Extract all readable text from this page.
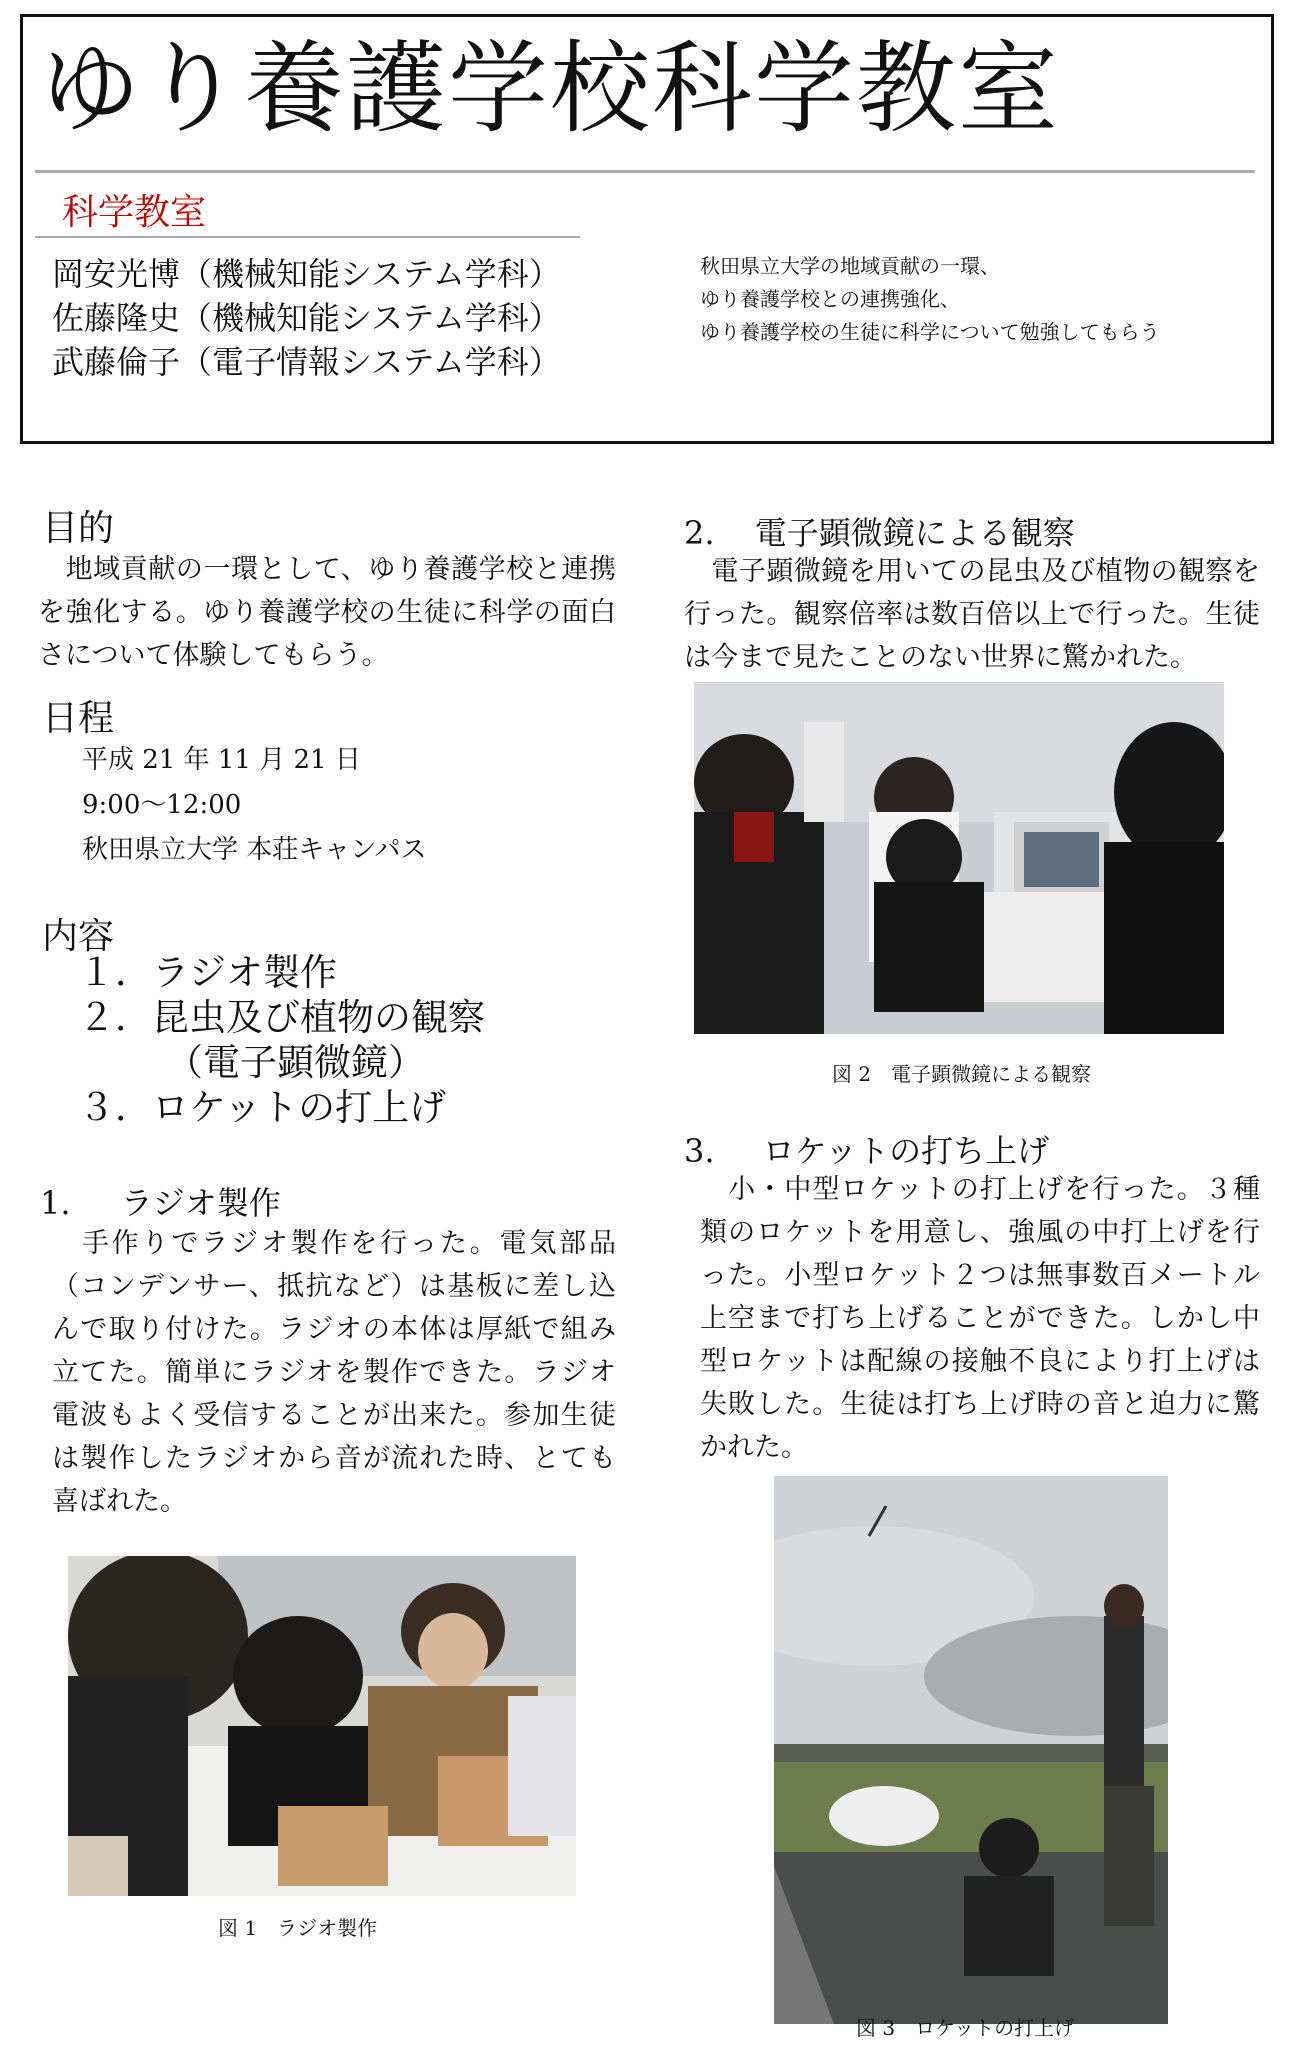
ゆり養護学校科学教室
科学教室
岡安光博（機械知能システム学科）
佐藤隆史（機械知能システム学科）
武藤倫子（電子情報システム学科）
秋田県立大学の地域貢献の一環、
ゆり養護学校との連携強化、
ゆり養護学校の生徒に科学について勉強してもらう
目的

　地域貢献の一環として、ゆり養護学校と連携を強化する。ゆり養護学校の生徒に科学の面白さについて体験してもらう。

日程
平成 21 年 11 月 21 日
9:00〜12:00
秋田県立大学 本荘キャンパス
内容
１．ラジオ製作
２．昆虫及び植物の観察
（電子顕微鏡）
３．ロケットの打上げ
1. ラジオ製作

　手作りでラジオ製作を行った。電気部品（コンデンサー、抵抗など）は基板に差し込んで取り付けた。ラジオの本体は厚紙で組み立てた。簡単にラジオを製作できた。ラジオ電波もよく受信することが出来た。参加生徒は製作したラジオから音が流れた時、とても喜ばれた。

図 1　ラジオ製作
2. 電子顕微鏡による観察

　電子顕微鏡を用いての昆虫及び植物の観察を行った。観察倍率は数百倍以上で行った。生徒は今まで見たことのない世界に驚かれた。

図 2　電子顕微鏡による観察
3. ロケットの打ち上げ

　小・中型ロケットの打上げを行った。３種類のロケットを用意し、強風の中打上げを行った。小型ロケット２つは無事数百メートル上空まで打ち上げることができた。しかし中型ロケットは配線の接触不良により打上げは失敗した。生徒は打ち上げ時の音と迫力に驚かれた。

図 3　ロケットの打上げ
